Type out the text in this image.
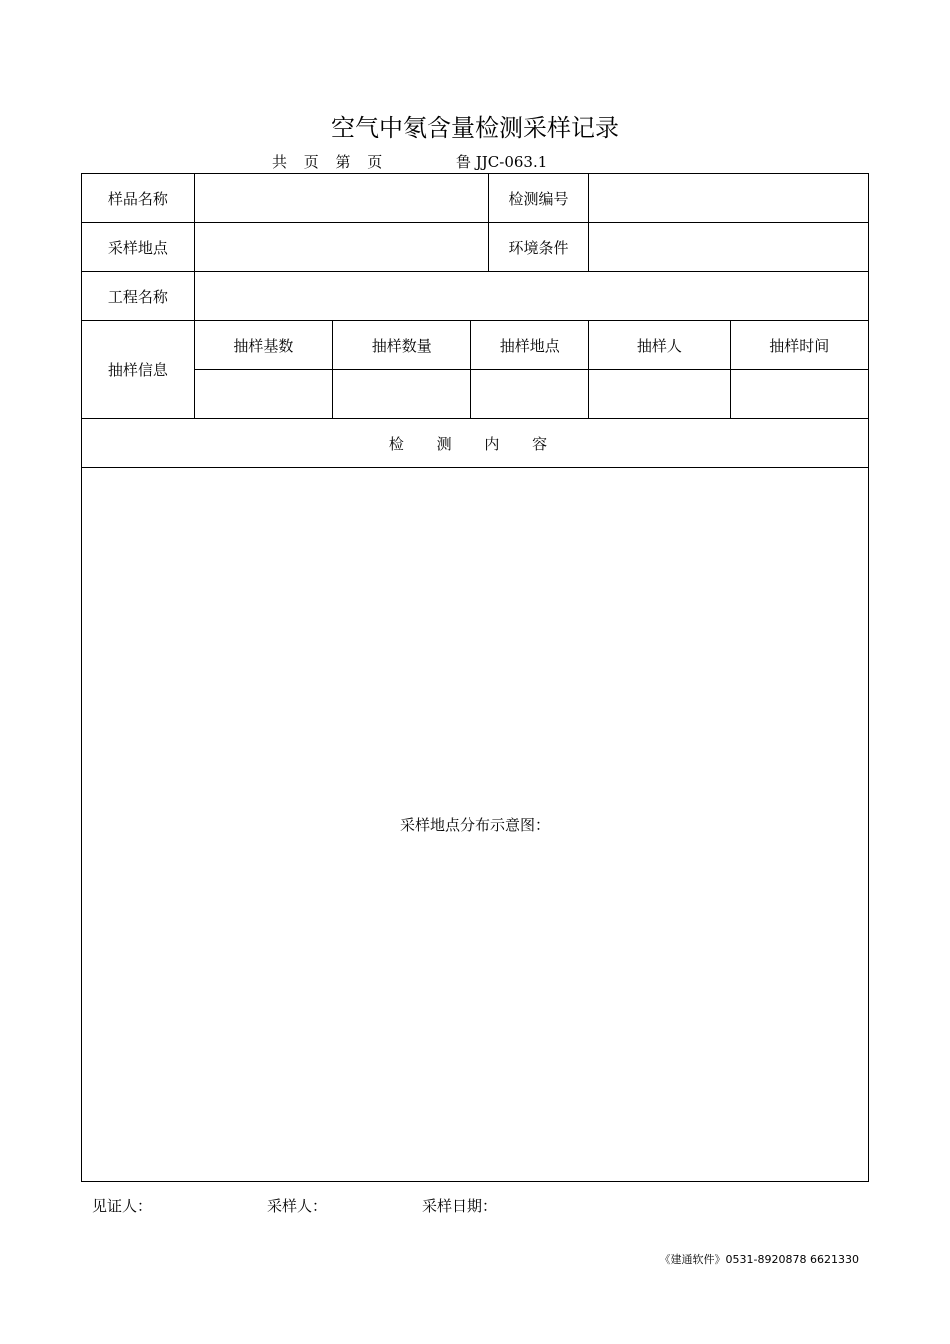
空气中氡含量检测采样记录
共 页 第 页	鲁 JJC-063.1
样品名称				检测编号		
采样地点				环境条件		
工程名称						
抽样信息	抽样基数	抽样数量	抽样地点		抽样人	抽样时间

检 测 内 容						
采样地点分布示意图：						
见证人：	采样人：	采样日期：
《建通软件》0531-8920878 6621330
